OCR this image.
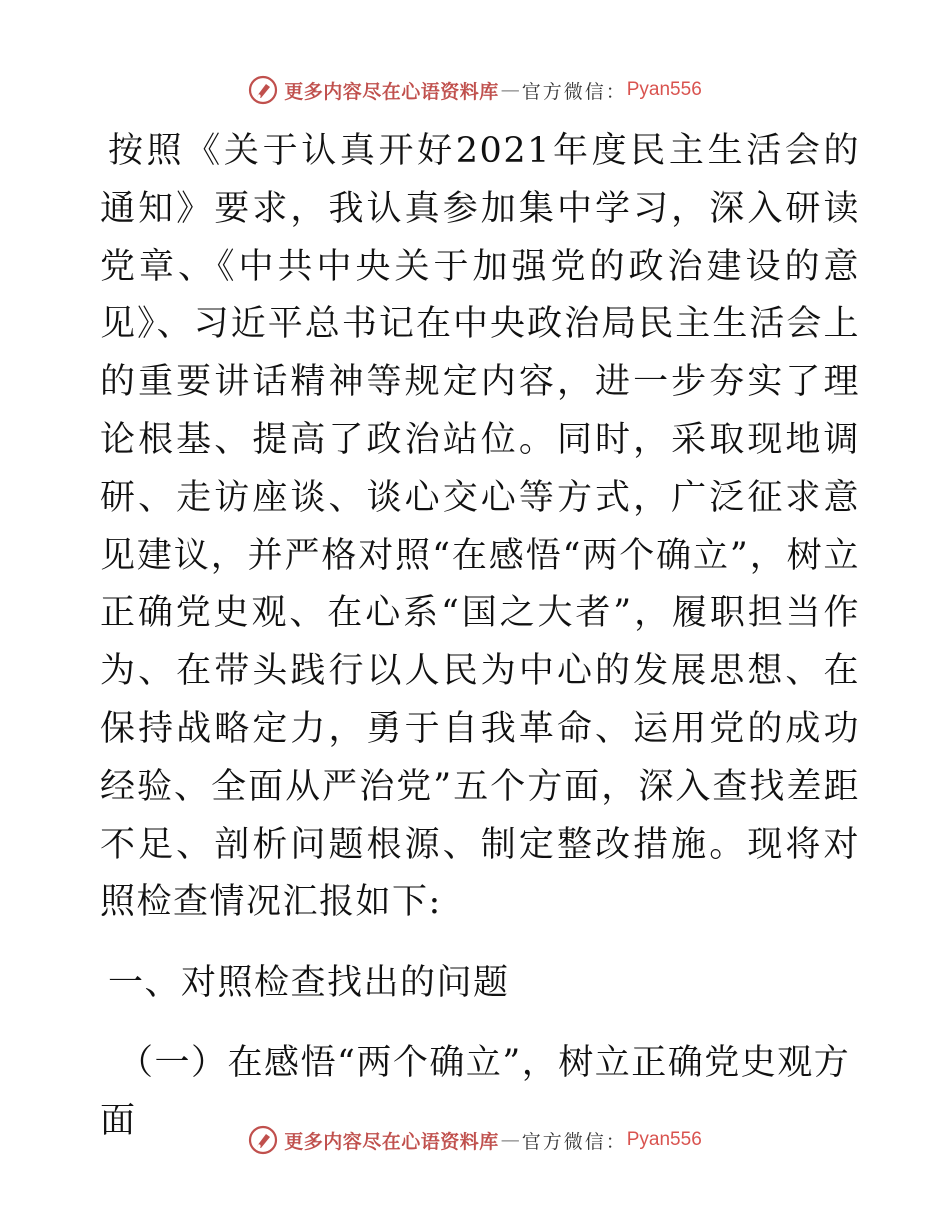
更多内容尽在心语资料库 — 官方微信： Pyan556

按照《关于认真开好2021年度民主生活会的通知》要求，我认真参加集中学习，深入研读党章、《中共中央关于加强党的政治建设的意见》、习近平总书记在中央政治局民主生活会上的重要讲话精神等规定内容，进一步夯实了理论根基、提高了政治站位。同时，采取现地调研、走访座谈、谈心交心等方式，广泛征求意见建议，并严格对照“在感悟“两个确立”，树立正确党史观、在心系“国之大者”，履职担当作为、在带头践行以人民为中心的发展思想、在保持战略定力，勇于自我革命、运用党的成功经验、全面从严治党”五个方面，深入查找差距不足、剖析问题根源、制定整改措施。现将对照检查情况汇报如下:

一、对照检查找出的问题

（一）在感悟“两个确立”，树立正确党史观方面

更多内容尽在心语资料库 — 官方微信： Pyan556
